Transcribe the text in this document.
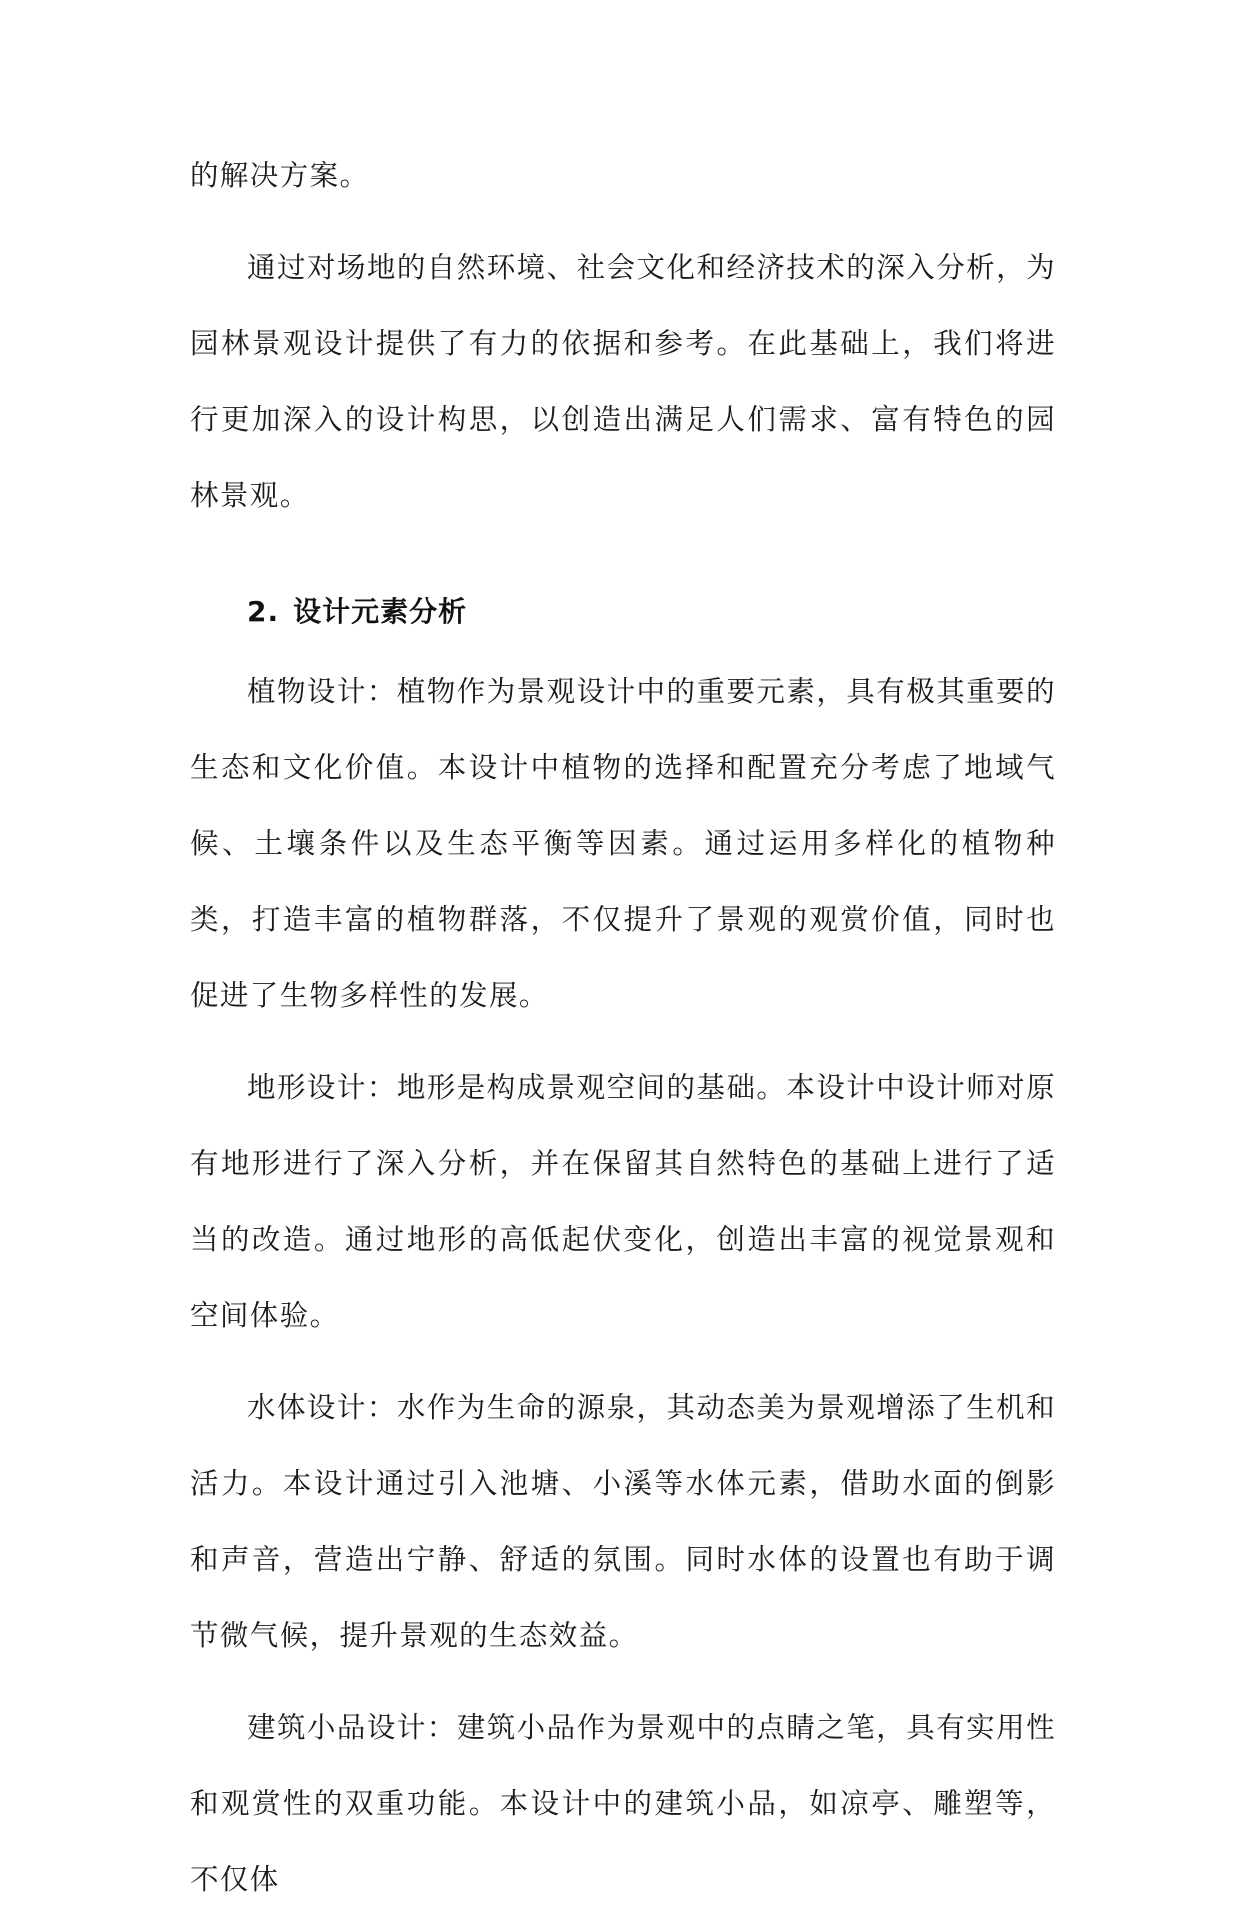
的解决方案。

通过对场地的自然环境、社会文化和经济技术的深入分析，为园林景观设计提供了有力的依据和参考。在此基础上，我们将进行更加深入的设计构思，以创造出满足人们需求、富有特色的园林景观。

2. 设计元素分析

植物设计：植物作为景观设计中的重要元素，具有极其重要的生态和文化价值。本设计中植物的选择和配置充分考虑了地域气候、土壤条件以及生态平衡等因素。通过运用多样化的植物种类，打造丰富的植物群落，不仅提升了景观的观赏价值，同时也促进了生物多样性的发展。

地形设计：地形是构成景观空间的基础。本设计中设计师对原有地形进行了深入分析，并在保留其自然特色的基础上进行了适当的改造。通过地形的高低起伏变化，创造出丰富的视觉景观和空间体验。

水体设计：水作为生命的源泉，其动态美为景观增添了生机和活力。本设计通过引入池塘、小溪等水体元素，借助水面的倒影和声音，营造出宁静、舒适的氛围。同时水体的设置也有助于调节微气候，提升景观的生态效益。

建筑小品设计：建筑小品作为景观中的点睛之笔，具有实用性和观赏性的双重功能。本设计中的建筑小品，如凉亭、雕塑等，不仅体
